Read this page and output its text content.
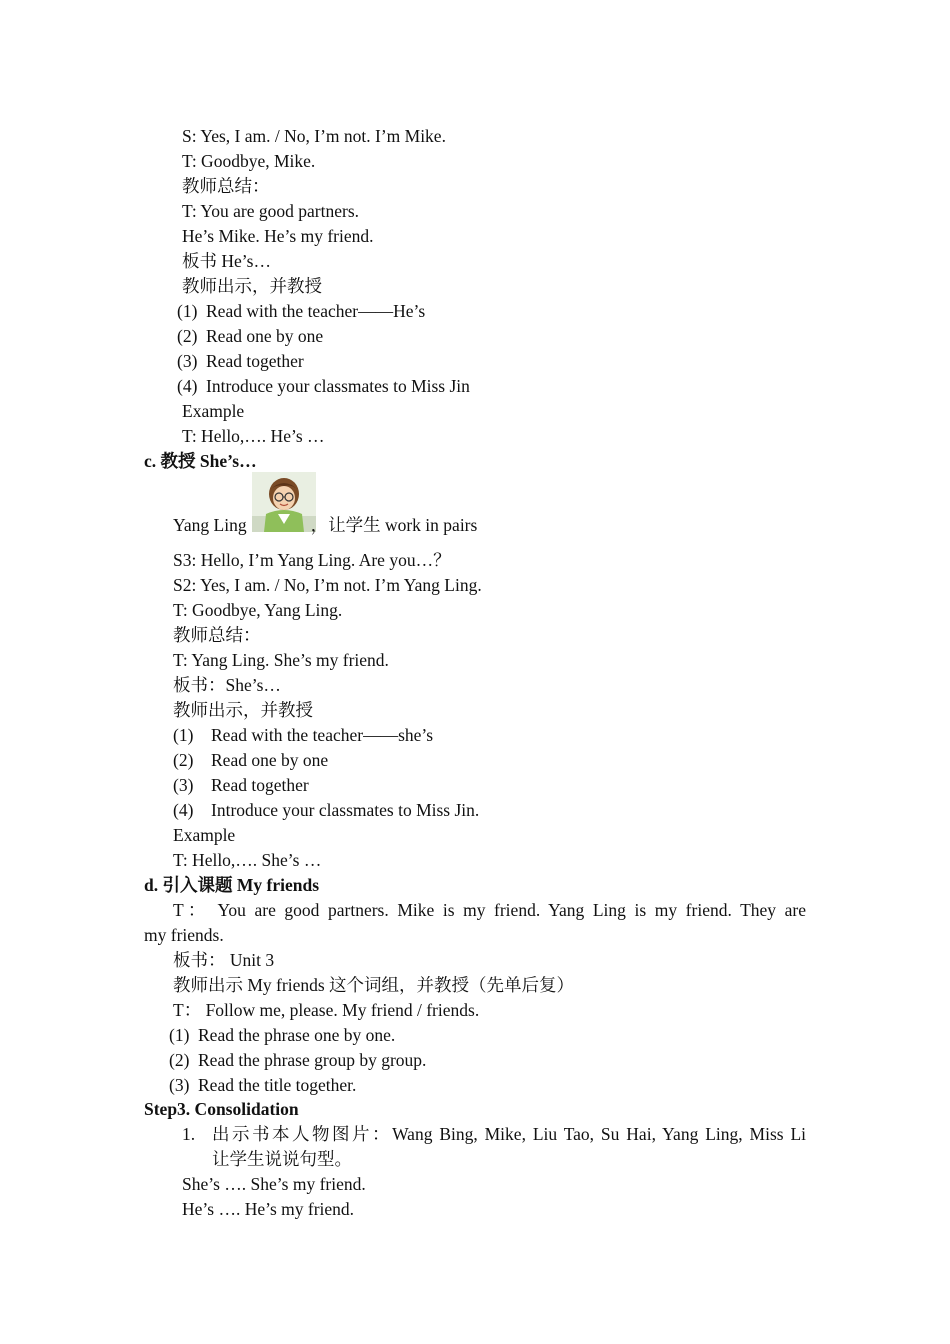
S: Yes, I am. / No, I’m not. I’m Mike.
T: Goodbye, Mike.
教师总结：
T: You are good partners.
He’s Mike. He’s my friend.
板书 He’s…
教师出示，并教授
(1) Read with the teacher——He’s
(2) Read one by one
(3) Read together
(4) Introduce your classmates to Miss Jin
Example
T: Hello,…. He’s …
c. 教授 She’s…
Yang Ling	，让学生 work in pairs
S3: Hello, I’m Yang Ling. Are you…？
S2: Yes, I am. / No, I’m not. I’m Yang Ling.
T: Goodbye, Yang Ling.
教师总结：
T: Yang Ling. She’s my friend.
板书：She’s…
教师出示，并教授
(1) Read with the teacher——she’s
(2) Read one by one
(3) Read together
(4) Introduce your classmates to Miss Jin.
Example
T: Hello,…. She’s …
d. 引入课题 My friends
T： You are good partners. Mike is my friend. Yang Ling is my friend. They are
my friends.
板书： Unit 3
教师出示 My friends 这个词组，并教授（先单后复）
T： Follow me, please. My friend / friends.
(1) Read the phrase one by one.
(2) Read the phrase group by group.
(3) Read the title together.
Step3. Consolidation
1. 出示书本人物图片：Wang Bing, Mike, Liu Tao, Su Hai, Yang Ling, Miss Li
让学生说说句型。
She’s …. She’s my friend.
He’s …. He’s my friend.
